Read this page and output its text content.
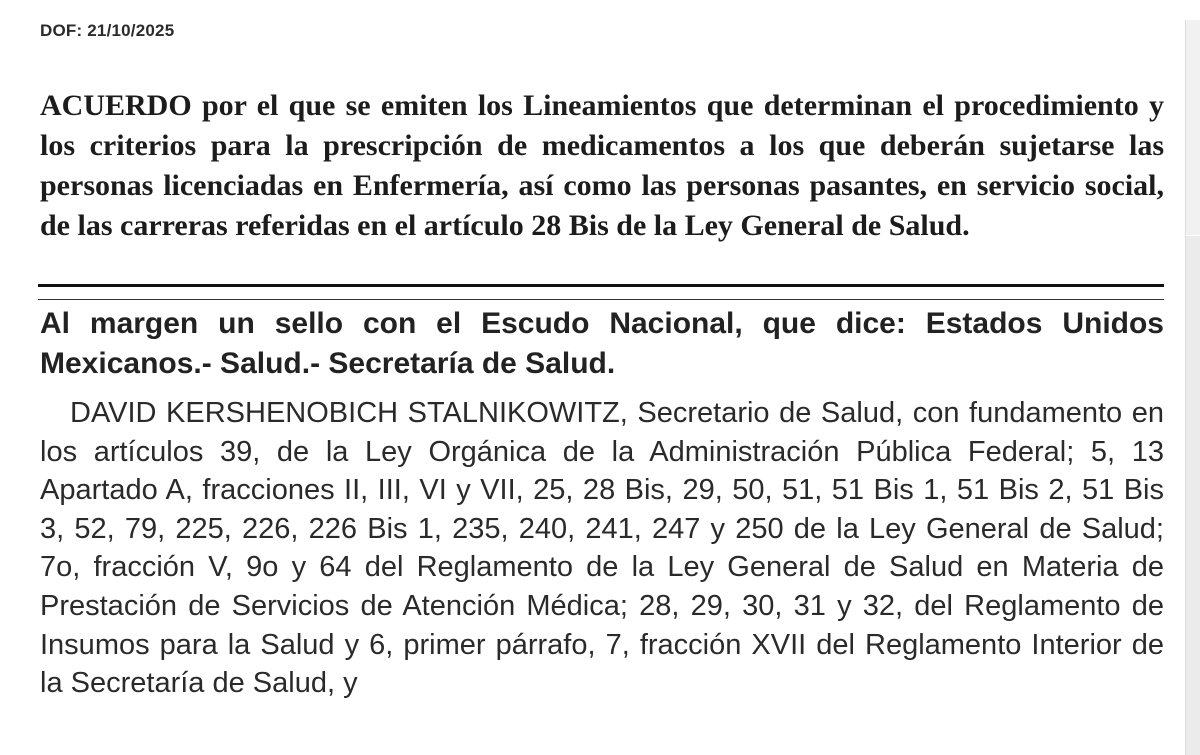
DOF: 21/10/2025

ACUERDO por el que se emiten los Lineamientos que determinan el procedimiento y los criterios para la prescripción de medicamentos a los que deberán sujetarse las personas licenciadas en Enfermería, así como las personas pasantes, en servicio social, de las carreras referidas en el artículo 28 Bis de la Ley General de Salud.

Al margen un sello con el Escudo Nacional, que dice: Estados Unidos Mexicanos.- Salud.- Secretaría de Salud.

DAVID KERSHENOBICH STALNIKOWITZ, Secretario de Salud, con fundamento en los artículos 39, de la Ley Orgánica de la Administración Pública Federal; 5, 13 Apartado A, fracciones II, III, VI y VII, 25, 28 Bis, 29, 50, 51, 51 Bis 1, 51 Bis 2, 51 Bis 3, 52, 79, 225, 226, 226 Bis 1, 235, 240, 241, 247 y 250 de la Ley General de Salud; 7o, fracción V, 9o y 64 del Reglamento de la Ley General de Salud en Materia de Prestación de Servicios de Atención Médica; 28, 29, 30, 31 y 32, del Reglamento de Insumos para la Salud y 6, primer párrafo, 7, fracción XVII del Reglamento Interior de la Secretaría de Salud, y
